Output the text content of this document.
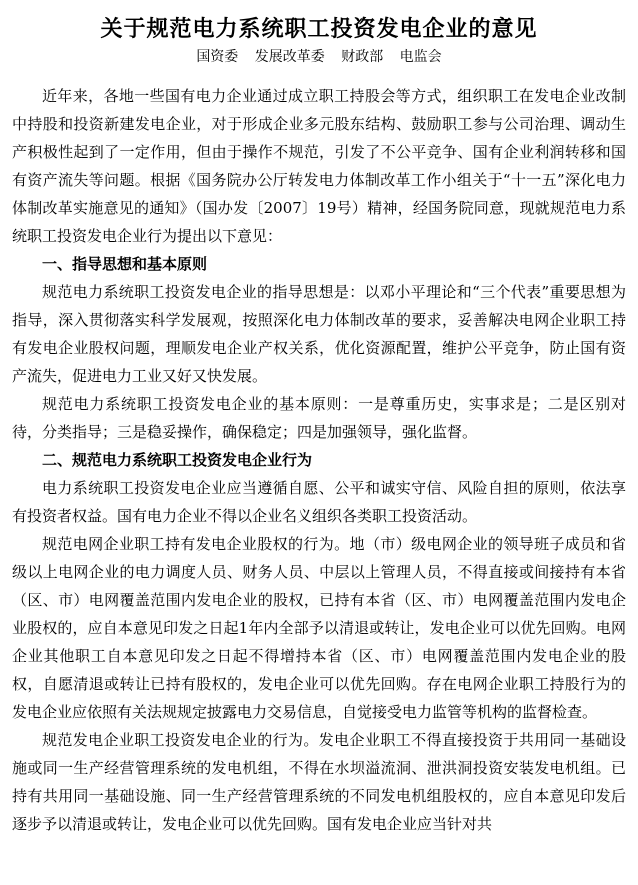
关于规范电力系统职工投资发电企业的意见
国资委 发展改革委 财政部 电监会

近年来，各地一些国有电力企业通过成立职工持股会等方式，组织职工在发电企业改制中持股和投资新建发电企业，对于形成企业多元股东结构、鼓励职工参与公司治理、调动生产积极性起到了一定作用，但由于操作不规范，引发了不公平竞争、国有企业利润转移和国有资产流失等问题。根据《国务院办公厅转发电力体制改革工作小组关于“十一五”深化电力体制改革实施意见的通知》（国办发〔2007〕19号）精神，经国务院同意，现就规范电力系统职工投资发电企业行为提出以下意见：

一、指导思想和基本原则

规范电力系统职工投资发电企业的指导思想是：以邓小平理论和“三个代表”重要思想为指导，深入贯彻落实科学发展观，按照深化电力体制改革的要求，妥善解决电网企业职工持有发电企业股权问题，理顺发电企业产权关系，优化资源配置，维护公平竞争，防止国有资产流失，促进电力工业又好又快发展。

规范电力系统职工投资发电企业的基本原则：一是尊重历史，实事求是；二是区别对待，分类指导；三是稳妥操作，确保稳定；四是加强领导，强化监督。

二、规范电力系统职工投资发电企业行为

电力系统职工投资发电企业应当遵循自愿、公平和诚实守信、风险自担的原则，依法享有投资者权益。国有电力企业不得以企业名义组织各类职工投资活动。

规范电网企业职工持有发电企业股权的行为。地（市）级电网企业的领导班子成员和省级以上电网企业的电力调度人员、财务人员、中层以上管理人员，不得直接或间接持有本省（区、市）电网覆盖范围内发电企业的股权，已持有本省（区、市）电网覆盖范围内发电企业股权的，应自本意见印发之日起1年内全部予以清退或转让，发电企业可以优先回购。电网企业其他职工自本意见印发之日起不得增持本省（区、市）电网覆盖范围内发电企业的股权，自愿清退或转让已持有股权的，发电企业可以优先回购。存在电网企业职工持股行为的发电企业应依照有关法规规定披露电力交易信息，自觉接受电力监管等机构的监督检查。

规范发电企业职工投资发电企业的行为。发电企业职工不得直接投资于共用同一基础设施或同一生产经营管理系统的发电机组，不得在水坝溢流洞、泄洪洞投资安装发电机组。已持有共用同一基础设施、同一生产经营管理系统的不同发电机组股权的，应自本意见印发后逐步予以清退或转让，发电企业可以优先回购。国有发电企业应当针对共
